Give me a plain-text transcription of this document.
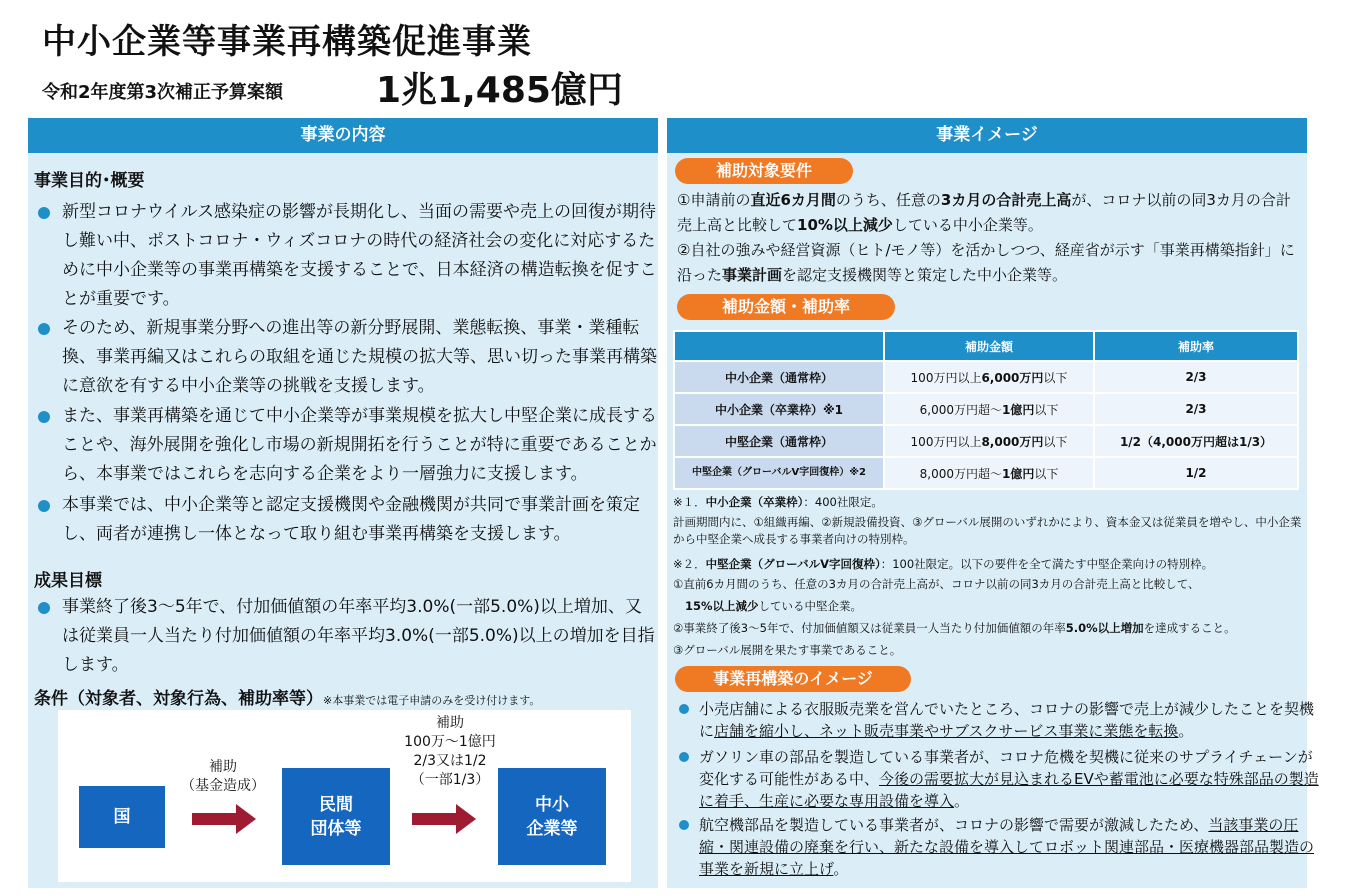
中小企業等事業再構築促進事業
令和2年度第3次補正予算案額	1兆1,485億円
事業の内容
事業目的･概要
新型コロナウイルス感染症の影響が長期化し、当面の需要や売上の回復が期待し難い中、ポストコロナ・ウィズコロナの時代の経済社会の変化に対応するために中小企業等の事業再構築を支援することで、日本経済の構造転換を促すことが重要です。
そのため、新規事業分野への進出等の新分野展開、業態転換、事業・業種転換、事業再編又はこれらの取組を通じた規模の拡大等、思い切った事業再構築に意欲を有する中小企業等の挑戦を支援します。
また、事業再構築を通じて中小企業等が事業規模を拡大し中堅企業に成長することや、海外展開を強化し市場の新規開拓を行うことが特に重要であることから、本事業ではこれらを志向する企業をより一層強力に支援します。
本事業では、中小企業等と認定支援機関や金融機関が共同で事業計画を策定し、両者が連携し一体となって取り組む事業再構築を支援します。
成果目標
事業終了後3～5年で、付加価値額の年率平均3.0%(一部5.0%)以上増加、又は従業員一人当たり付加価値額の年率平均3.0%(一部5.0%)以上の増加を目指します。
条件（対象者、対象行為、補助率等）※本事業では電子申請のみを受け付けます。
国
補助
（基金造成）
民間
団体等
補助
100万～1億円
2/3又は1/2
（一部1/3）
中小
企業等
事業イメージ
補助対象要件
①申請前の直近6カ月間のうち、任意の3カ月の合計売上高が、コロナ以前の同3カ月の合計売上高と比較して10%以上減少している中小企業等。
②自社の強みや経営資源（ヒト/モノ等）を活かしつつ、経産省が示す「事業再構築指針」に沿った事業計画を認定支援機関等と策定した中小企業等。
補助金額・補助率
	補助金額	補助率
中小企業（通常枠）	100万円以上6,000万円以下	2/3
中小企業（卒業枠）※1	6,000万円超～1億円以下	2/3
中堅企業（通常枠）	100万円以上8,000万円以下	1/2（4,000万円超は1/3）
中堅企業（グローバルV字回復枠）※2	8,000万円超～1億円以下	1/2
※１．中小企業（卒業枠）：400社限定。
計画期間内に、①組織再編、②新規設備投資、③グローバル展開のいずれかにより、資本金又は従業員を増やし、中小企業から中堅企業へ成長する事業者向けの特別枠。
※２．中堅企業（グローバルV字回復枠）：100社限定。以下の要件を全て満たす中堅企業向けの特別枠。
①直前6カ月間のうち、任意の3カ月の合計売上高が、コロナ以前の同3カ月の合計売上高と比較して、
15%以上減少している中堅企業。
②事業終了後3～5年で、付加価値額又は従業員一人当たり付加価値額の年率5.0%以上増加を達成すること。
③グローバル展開を果たす事業であること。
事業再構築のイメージ
小売店舗による衣服販売業を営んでいたところ、コロナの影響で売上が減少したことを契機に店舗を縮小し、ネット販売事業やサブスクサービス事業に業態を転換。
ガソリン車の部品を製造している事業者が、コロナ危機を契機に従来のサプライチェーンが変化する可能性がある中、今後の需要拡大が見込まれるEVや蓄電池に必要な特殊部品の製造に着手、生産に必要な専用設備を導入。
航空機部品を製造している事業者が、コロナの影響で需要が激減したため、当該事業の圧縮・関連設備の廃棄を行い、新たな設備を導入してロボット関連部品・医療機器部品製造の事業を新規に立上げ。
